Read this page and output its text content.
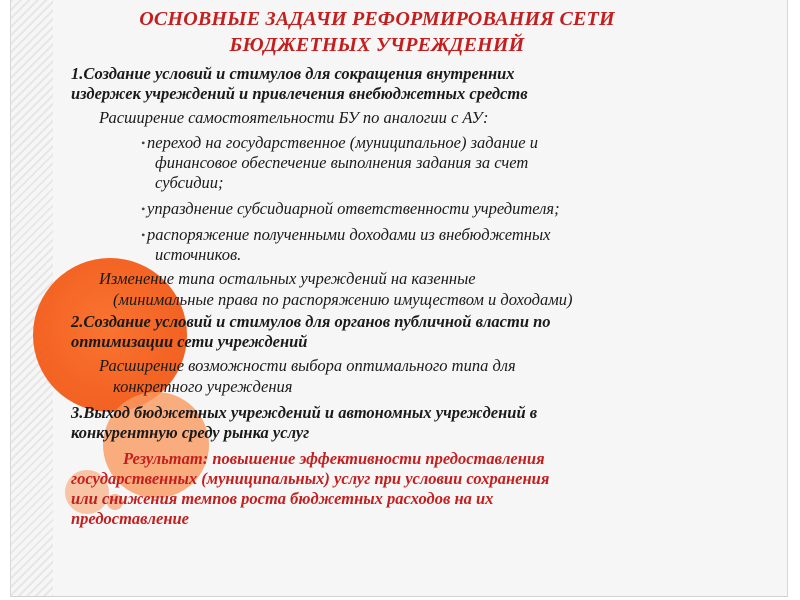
ОСНОВНЫЕ ЗАДАЧИ РЕФОРМИРОВАНИЯ СЕТИ
БЮДЖЕТНЫХ УЧРЕЖДЕНИЙ
1.Создание условий и стимулов для сокращения внутренних
издержек учреждений и привлечения внебюджетных средств
Расширение самостоятельности БУ по аналогии с АУ:
• переход на государственное (муниципальное) задание и
финансовое обеспечение выполнения задания за счет
субсидии;
• упразднение субсидиарной ответственности учредителя;
• распоряжение полученными доходами из внебюджетных
источников.
Изменение типа остальных учреждений на казенные
(минимальные права по распоряжению имуществом и доходами)
2.Создание условий и стимулов для органов публичной власти по
оптимизации сети учреждений
Расширение возможности выбора оптимального типа для
конкретного учреждения
3.Выход бюджетных учреждений и автономных учреждений в
конкурентную среду рынка услуг
Результат: повышение эффективности предоставления
государственных (муниципальных) услуг при условии сохранения
или снижения темпов роста бюджетных расходов на их
предоставление
